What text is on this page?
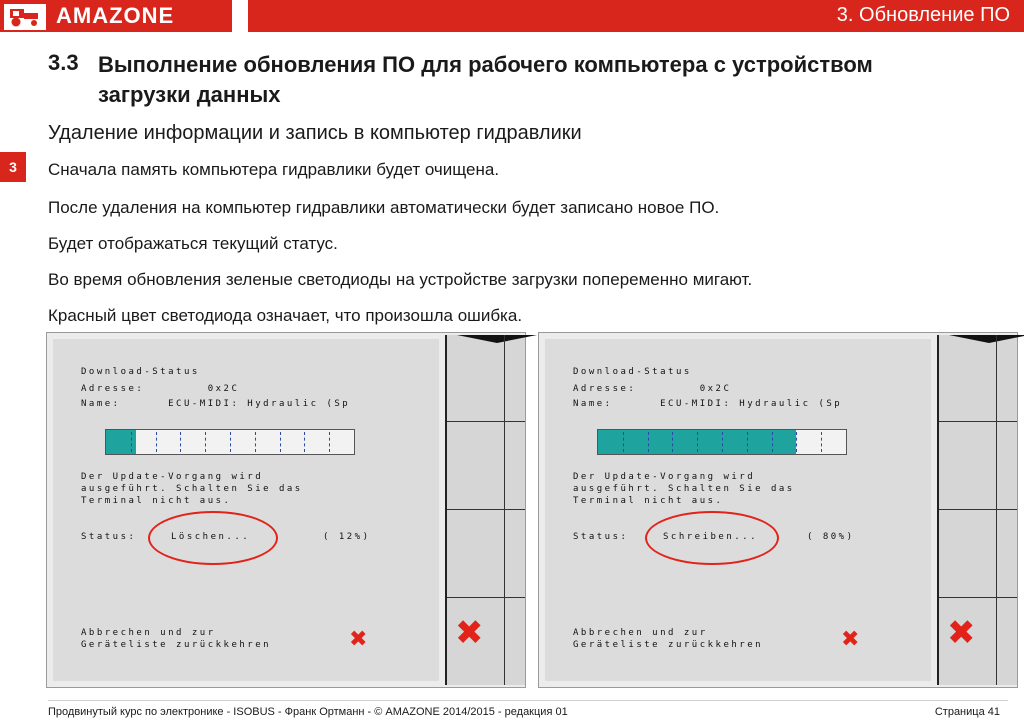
AMAZONE	3. Обновление ПО
3
3.3 Выполнение обновления ПО для рабочего компьютера с устройством загрузки данных
Удаление информации и запись в компьютер гидравлики
Сначала память компьютера гидравлики будет очищена.
После удаления на компьютер гидравлики автоматически будет записано новое ПО.
Будет отображаться текущий статус.
Во время обновления зеленые светодиоды на устройстве загрузки попеременно мигают.
Красный цвет светодиода означает, что произошла ошибка.
Download-Status
Adresse:        0x2C
Name:      ECU-MIDI: Hydraulic (Sp
Der Update-Vorgang wird
ausgeführt. Schalten Sie das
Terminal nicht aus.
Status:	Löschen...	( 12%)
Abbrechen und zur
Geräteliste zurückkehren	✖	✖
Download-Status
Adresse:        0x2C
Name:      ECU-MIDI: Hydraulic (Sp
Der Update-Vorgang wird
ausgeführt. Schalten Sie das
Terminal nicht aus.
Status:	Schreiben...	( 80%)
Abbrechen und zur
Geräteliste zurückkehren	✖	✖
Продвинутый курс по электронике - ISOBUS - Франк Ортманн - © AMAZONE 2014/2015 - редакция 01	Страница 41
